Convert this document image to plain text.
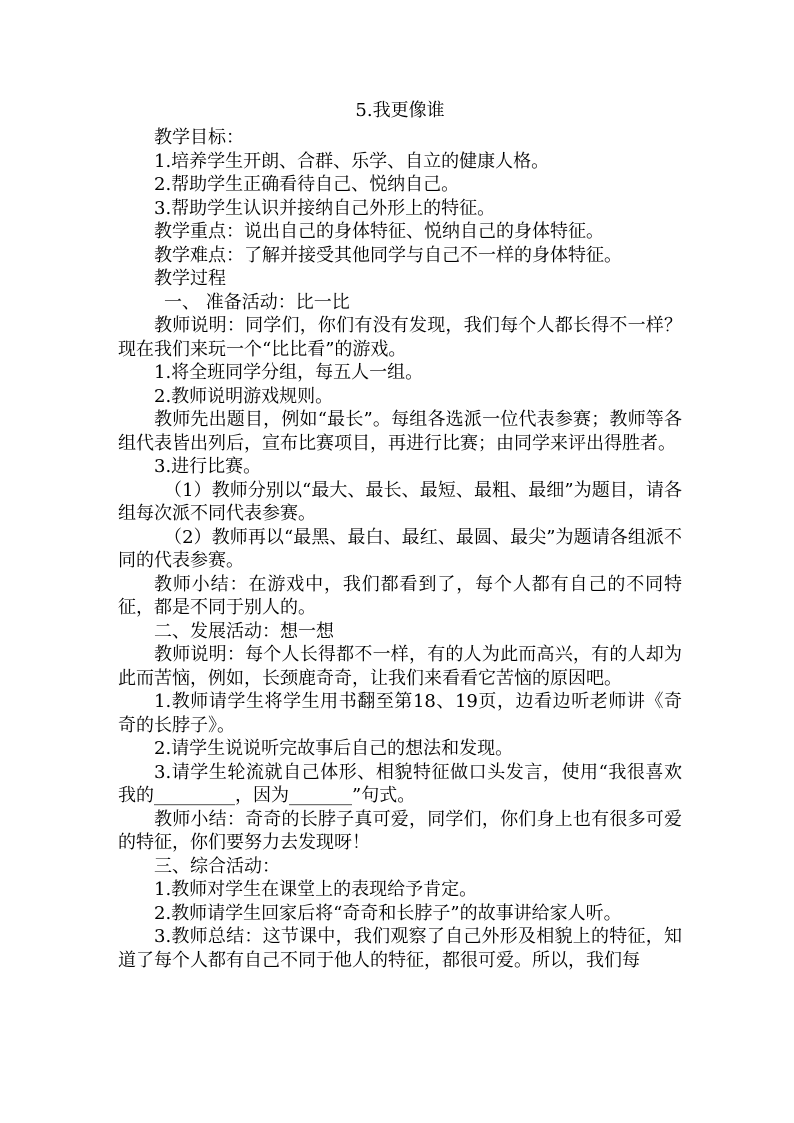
5.我更像谁

教学目标：

1.培养学生开朗、合群、乐学、自立的健康人格。

2.帮助学生正确看待自己、悦纳自己。

3.帮助学生认识并接纳自己外形上的特征。

教学重点：说出自己的身体特征、悦纳自己的身体特征。

教学难点：了解并接受其他同学与自己不一样的身体特征。

教学过程

一、 准备活动：比一比

教师说明：同学们，你们有没有发现，我们每个人都长得不一样？现在我们来玩一个“比比看”的游戏。

1.将全班同学分组，每五人一组。

2.教师说明游戏规则。

教师先出题目，例如“最长”。每组各选派一位代表参赛；教师等各组代表皆出列后，宣布比赛项目，再进行比赛；由同学来评出得胜者。

3.进行比赛。

（1）教师分别以“最大、最长、最短、最粗、最细”为题目，请各组每次派不同代表参赛。

（2）教师再以“最黑、最白、最红、最圆、最尖”为题请各组派不同的代表参赛。

教师小结：在游戏中，我们都看到了，每个人都有自己的不同特征，都是不同于别人的。

二、发展活动：想一想

教师说明：每个人长得都不一样，有的人为此而高兴，有的人却为此而苦恼，例如，长颈鹿奇奇，让我们来看看它苦恼的原因吧。

1.教师请学生将学生用书翻至第18、19页，边看边听老师讲《奇奇的长脖子》。

2.请学生说说听完故事后自己的想法和发现。

3.请学生轮流就自己体形、相貌特征做口头发言，使用“我很喜欢我的_________，因为_______”句式。

教师小结：奇奇的长脖子真可爱，同学们，你们身上也有很多可爱的特征，你们要努力去发现呀！

三、综合活动：

1.教师对学生在课堂上的表现给予肯定。

2.教师请学生回家后将“奇奇和长脖子”的故事讲给家人听。

3.教师总结：这节课中，我们观察了自己外形及相貌上的特征，知道了每个人都有自己不同于他人的特征，都很可爱。所以，我们每
